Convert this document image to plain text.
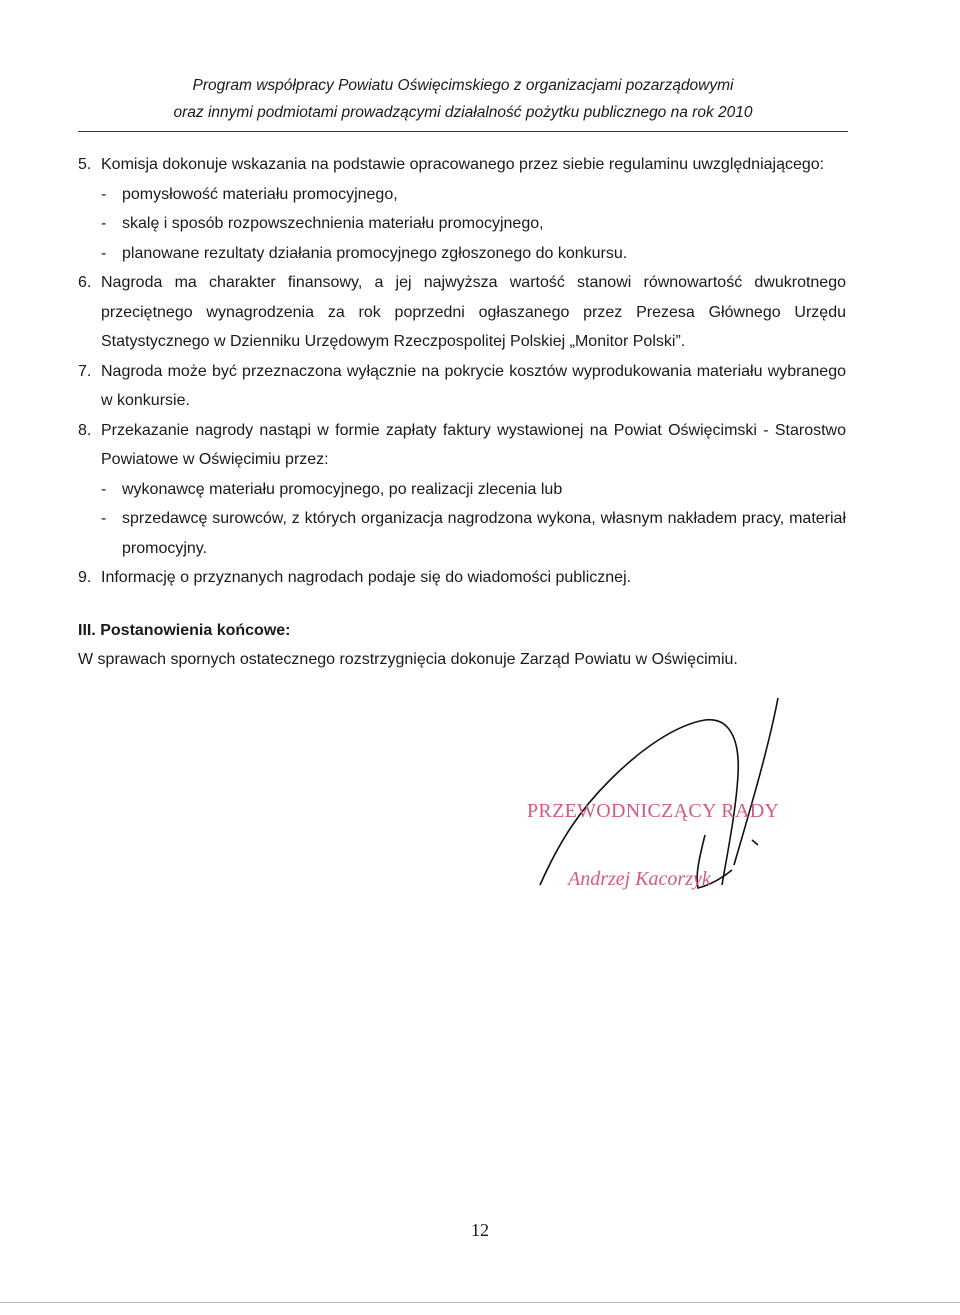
Program współpracy Powiatu Oświęcimskiego z organizacjami pozarządowymi
oraz innymi podmiotami prowadzącymi działalność pożytku publicznego na rok 2010
5. Komisja dokonuje wskazania na podstawie opracowanego przez siebie regulaminu uwzględniającego:
- pomysłowość materiału promocyjnego,
- skalę i sposób rozpowszechnienia materiału promocyjnego,
- planowane rezultaty działania promocyjnego zgłoszonego do konkursu.
6. Nagroda ma charakter finansowy, a jej najwyższa wartość stanowi równowartość dwukrotnego przeciętnego wynagrodzenia za rok poprzedni ogłaszanego przez Prezesa Głównego Urzędu Statystycznego w Dzienniku Urzędowym Rzeczpospolitej Polskiej „Monitor Polski”.
7. Nagroda może być przeznaczona wyłącznie na pokrycie kosztów wyprodukowania materiału wybranego w konkursie.
8. Przekazanie nagrody nastąpi w formie zapłaty faktury wystawionej na Powiat Oświęcimski - Starostwo Powiatowe w Oświęcimiu przez:
- wykonawcę materiału promocyjnego, po realizacji zlecenia lub
- sprzedawcę surowców, z których organizacja nagrodzona wykona, własnym nakładem pracy, materiał promocyjny.
9. Informację o przyznanych nagrodach podaje się do wiadomości publicznej.
III. Postanowienia końcowe:
W sprawach spornych ostatecznego rozstrzygnięcia dokonuje Zarząd Powiatu w Oświęcimiu.
PRZEWODNICZĄCY RADY
Andrzej Kacorzyk
12
